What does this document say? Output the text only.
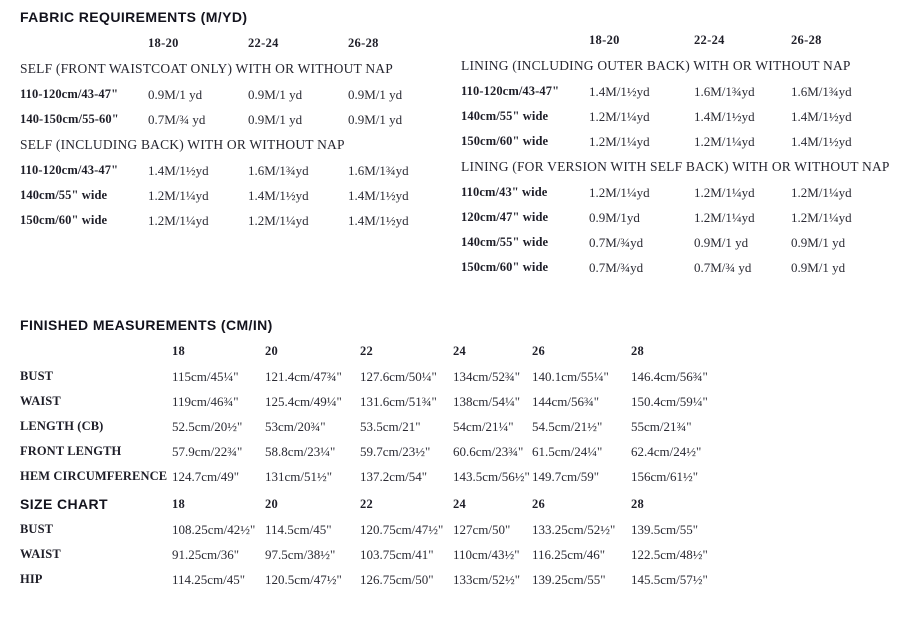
FABRIC REQUIREMENTS (M/YD)
18-20	22-24	26-28
SELF (FRONT WAISTCOAT ONLY) WITH OR WITHOUT NAP
110-120cm/43-47"	0.9M/1 yd	0.9M/1 yd	0.9M/1 yd
140-150cm/55-60"	0.7M/¾ yd	0.9M/1 yd	0.9M/1 yd
SELF (INCLUDING BACK) WITH OR WITHOUT NAP
110-120cm/43-47"	1.4M/1½yd	1.6M/1¾yd	1.6M/1¾yd
140cm/55" wide	1.2M/1¼yd	1.4M/1½yd	1.4M/1½yd
150cm/60" wide	1.2M/1¼yd	1.2M/1¼yd	1.4M/1½yd
18-20	22-24	26-28
LINING (INCLUDING OUTER BACK) WITH OR WITHOUT NAP
110-120cm/43-47"	1.4M/1½yd	1.6M/1¾yd	1.6M/1¾yd
140cm/55" wide	1.2M/1¼yd	1.4M/1½yd	1.4M/1½yd
150cm/60" wide	1.2M/1¼yd	1.2M/1¼yd	1.4M/1½yd
LINING (FOR VERSION WITH SELF BACK) WITH OR WITHOUT NAP
110cm/43" wide	1.2M/1¼yd	1.2M/1¼yd	1.2M/1¼yd
120cm/47" wide	0.9M/1yd	1.2M/1¼yd	1.2M/1¼yd
140cm/55" wide	0.7M/¾yd	0.9M/1 yd	0.9M/1 yd
150cm/60" wide	0.7M/¾yd	0.7M/¾ yd	0.9M/1 yd
FINISHED MEASUREMENTS (CM/IN)
18	20	22	24	26	28
BUST	115cm/45¼"	121.4cm/47¾"	127.6cm/50¼"	134cm/52¾" 140.1cm/55¼"	146.4cm/56¾"
WAIST	119cm/46¾"	125.4cm/49¼"	131.6cm/51¾"	138cm/54¼" 144cm/56¾"	150.4cm/59¼"
LENGTH (CB)	52.5cm/20½"	53cm/20¾"	53.5cm/21"	54cm/21¼"	54.5cm/21½"	55cm/21¾"
FRONT LENGTH	57.9cm/22¾"	58.8cm/23¼"	59.7cm/23½"	60.6cm/23¾" 61.5cm/24¼"	62.4cm/24½"
HEM CIRCUMFERENCE 124.7cm/49"	131cm/51½"	137.2cm/54"	143.5cm/56½" 149.7cm/59"	156cm/61½"
SIZE CHART	18	20	22	24	26	28
BUST	108.25cm/42½" 114.5cm/45"	120.75cm/47½" 127cm/50"	133.25cm/52½"	139.5cm/55"
WAIST	91.25cm/36"	97.5cm/38½"	103.75cm/41"	110cm/43½" 116.25cm/46"	122.5cm/48½"
HIP	114.25cm/45"	120.5cm/47½"	126.75cm/50"	133cm/52½" 139.25cm/55"	145.5cm/57½"
